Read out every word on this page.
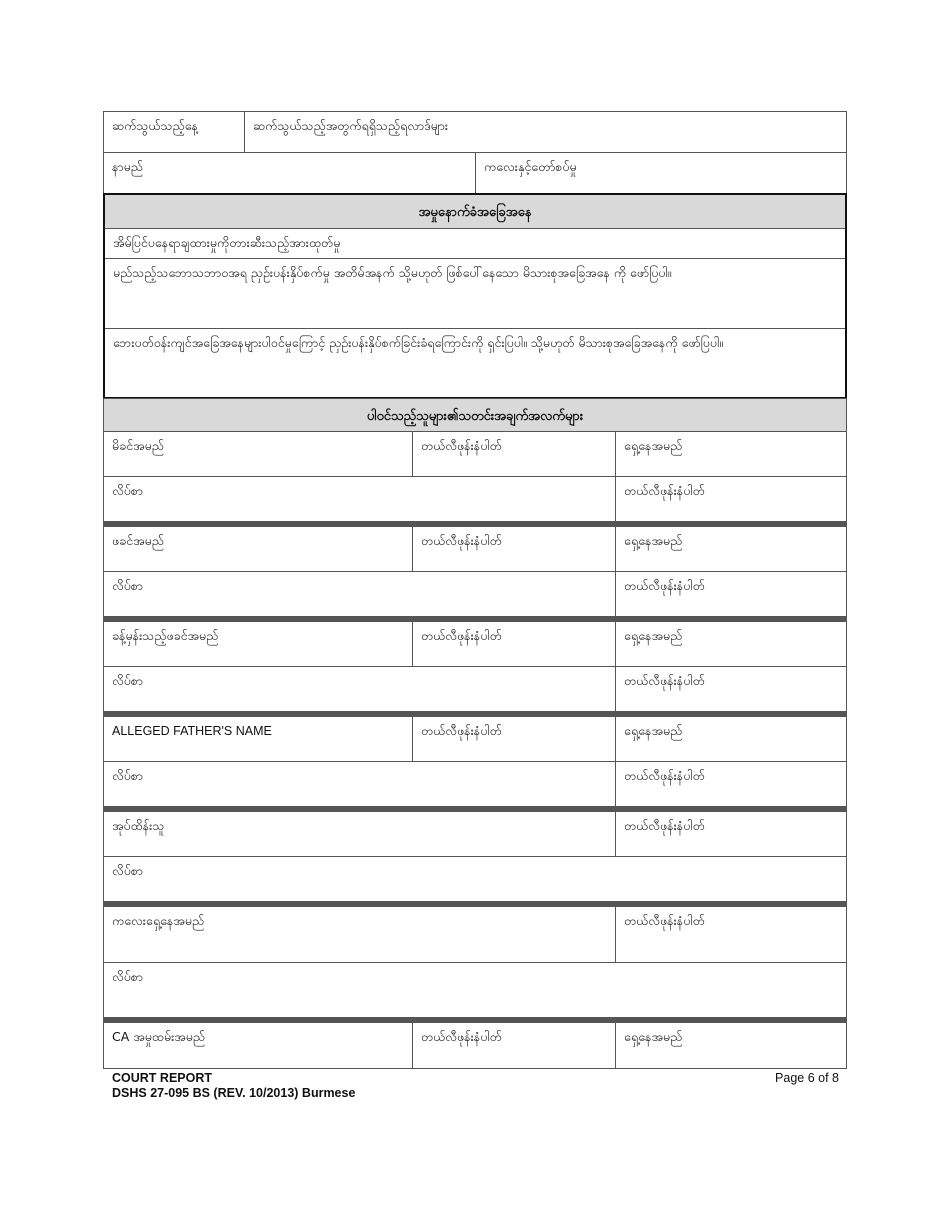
ဆက်သွယ်သည့်နေ့	ဆက်သွယ်သည့်အတွက်ရရှိသည့်ရလာဒ်များ
နာမည်	ကလေးနှင့်တော်စပ်မှု
အမှုနောက်ခံအခြေအနေ
အိမ်ပြင်ပနေရာချထားမှုကိုတားဆီးသည့်အားထုတ်မှု
မည်သည့်သဘောသဘာဝအရ ညှဥ်းပန်းနှိပ်စက်မှု အတိမ်အနက် သို့မဟုတ် ဖြစ်ပေါ်နေသော မိသားစုအခြေအနေ ကို ဖော်ပြပါ။
ဘေးပတ်ဝန်းကျင်အခြေအနေများပါဝင်မှုကြောင့် ညှဥ်းပန်းနှိပ်စက်ခြင်းခံရကြောင်းကို ရှင်းပြပါ။ သို့မဟုတ် မိသားစုအခြေအနေကို ဖော်ပြပါ။
ပါဝင်သည့်သူများ၏သတင်းအချက်အလက်များ
မိခင်အမည်	တယ်လီဖုန်းနံပါတ်	ရှေ့နေအမည်
လိပ်စာ	တယ်လီဖုန်းနံပါတ်
ဖခင်အမည်	တယ်လီဖုန်းနံပါတ်	ရှေ့နေအမည်
လိပ်စာ	တယ်လီဖုန်းနံပါတ်
ခန့်မှန်းသည့်ဖခင်အမည်	တယ်လီဖုန်းနံပါတ်	ရှေ့နေအမည်
လိပ်စာ	တယ်လီဖုန်းနံပါတ်
ALLEGED FATHER'S NAME	တယ်လီဖုန်းနံပါတ်	ရှေ့နေအမည်
လိပ်စာ	တယ်လီဖုန်းနံပါတ်
အုပ်ထိန်းသူ	တယ်လီဖုန်းနံပါတ်
လိပ်စာ
ကလေးရှေ့နေအမည်	တယ်လီဖုန်းနံပါတ်
လိပ်စာ
CA အမှုထမ်းအမည်	တယ်လီဖုန်းနံပါတ်	ရှေ့နေအမည်
COURT REPORT
DSHS 27-095 BS (REV. 10/2013) Burmese
Page 6 of 8
